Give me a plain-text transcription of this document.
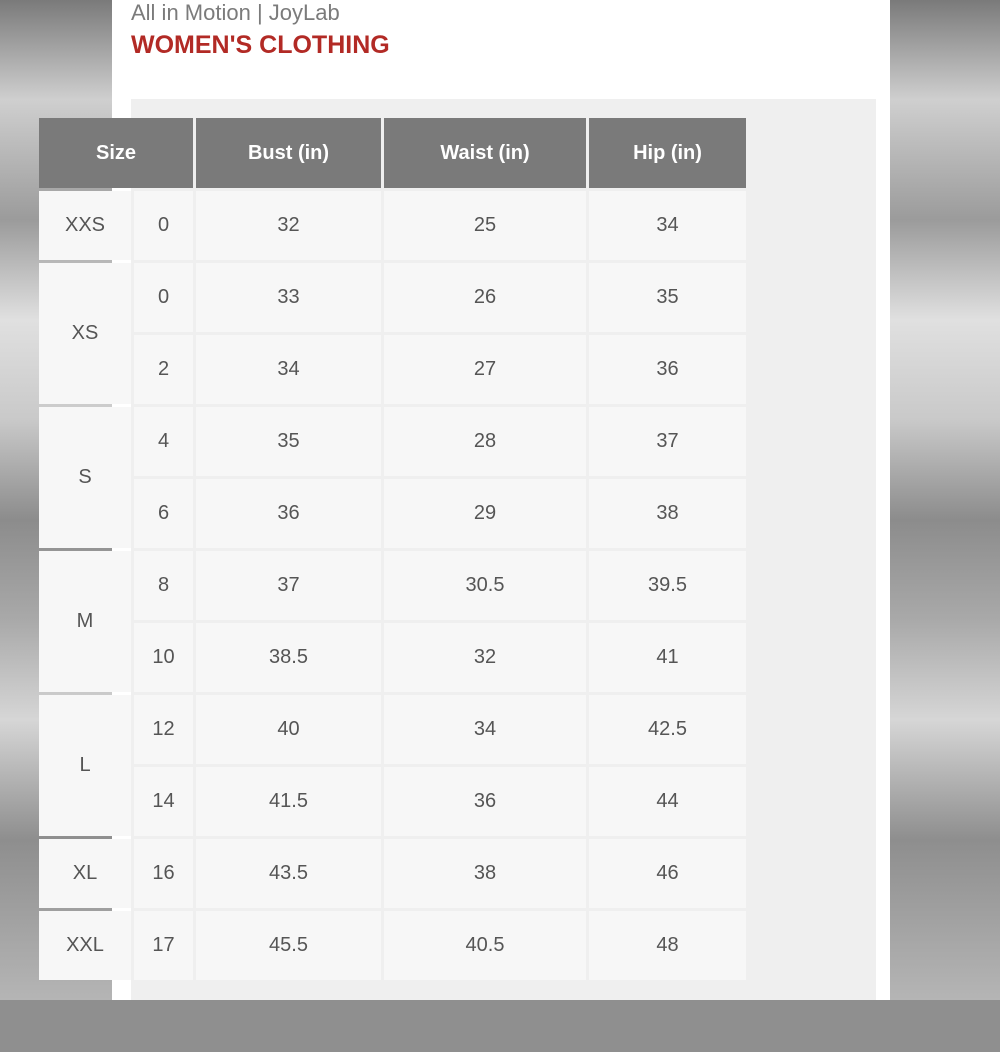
All in Motion | JoyLab
WOMEN'S CLOTHING
Size	Bust (in)	Waist (in)	Hip (in)
XXS	0	32	25	34
XS
0	33	26	35
2	34	27	36
S
4	35	28	37
6	36	29	38
M
8	37	30.5	39.5
10	38.5	32	41
L
12	40	34	42.5
14	41.5	36	44
XL	16	43.5	38	46
XXL	17	45.5	40.5	48
